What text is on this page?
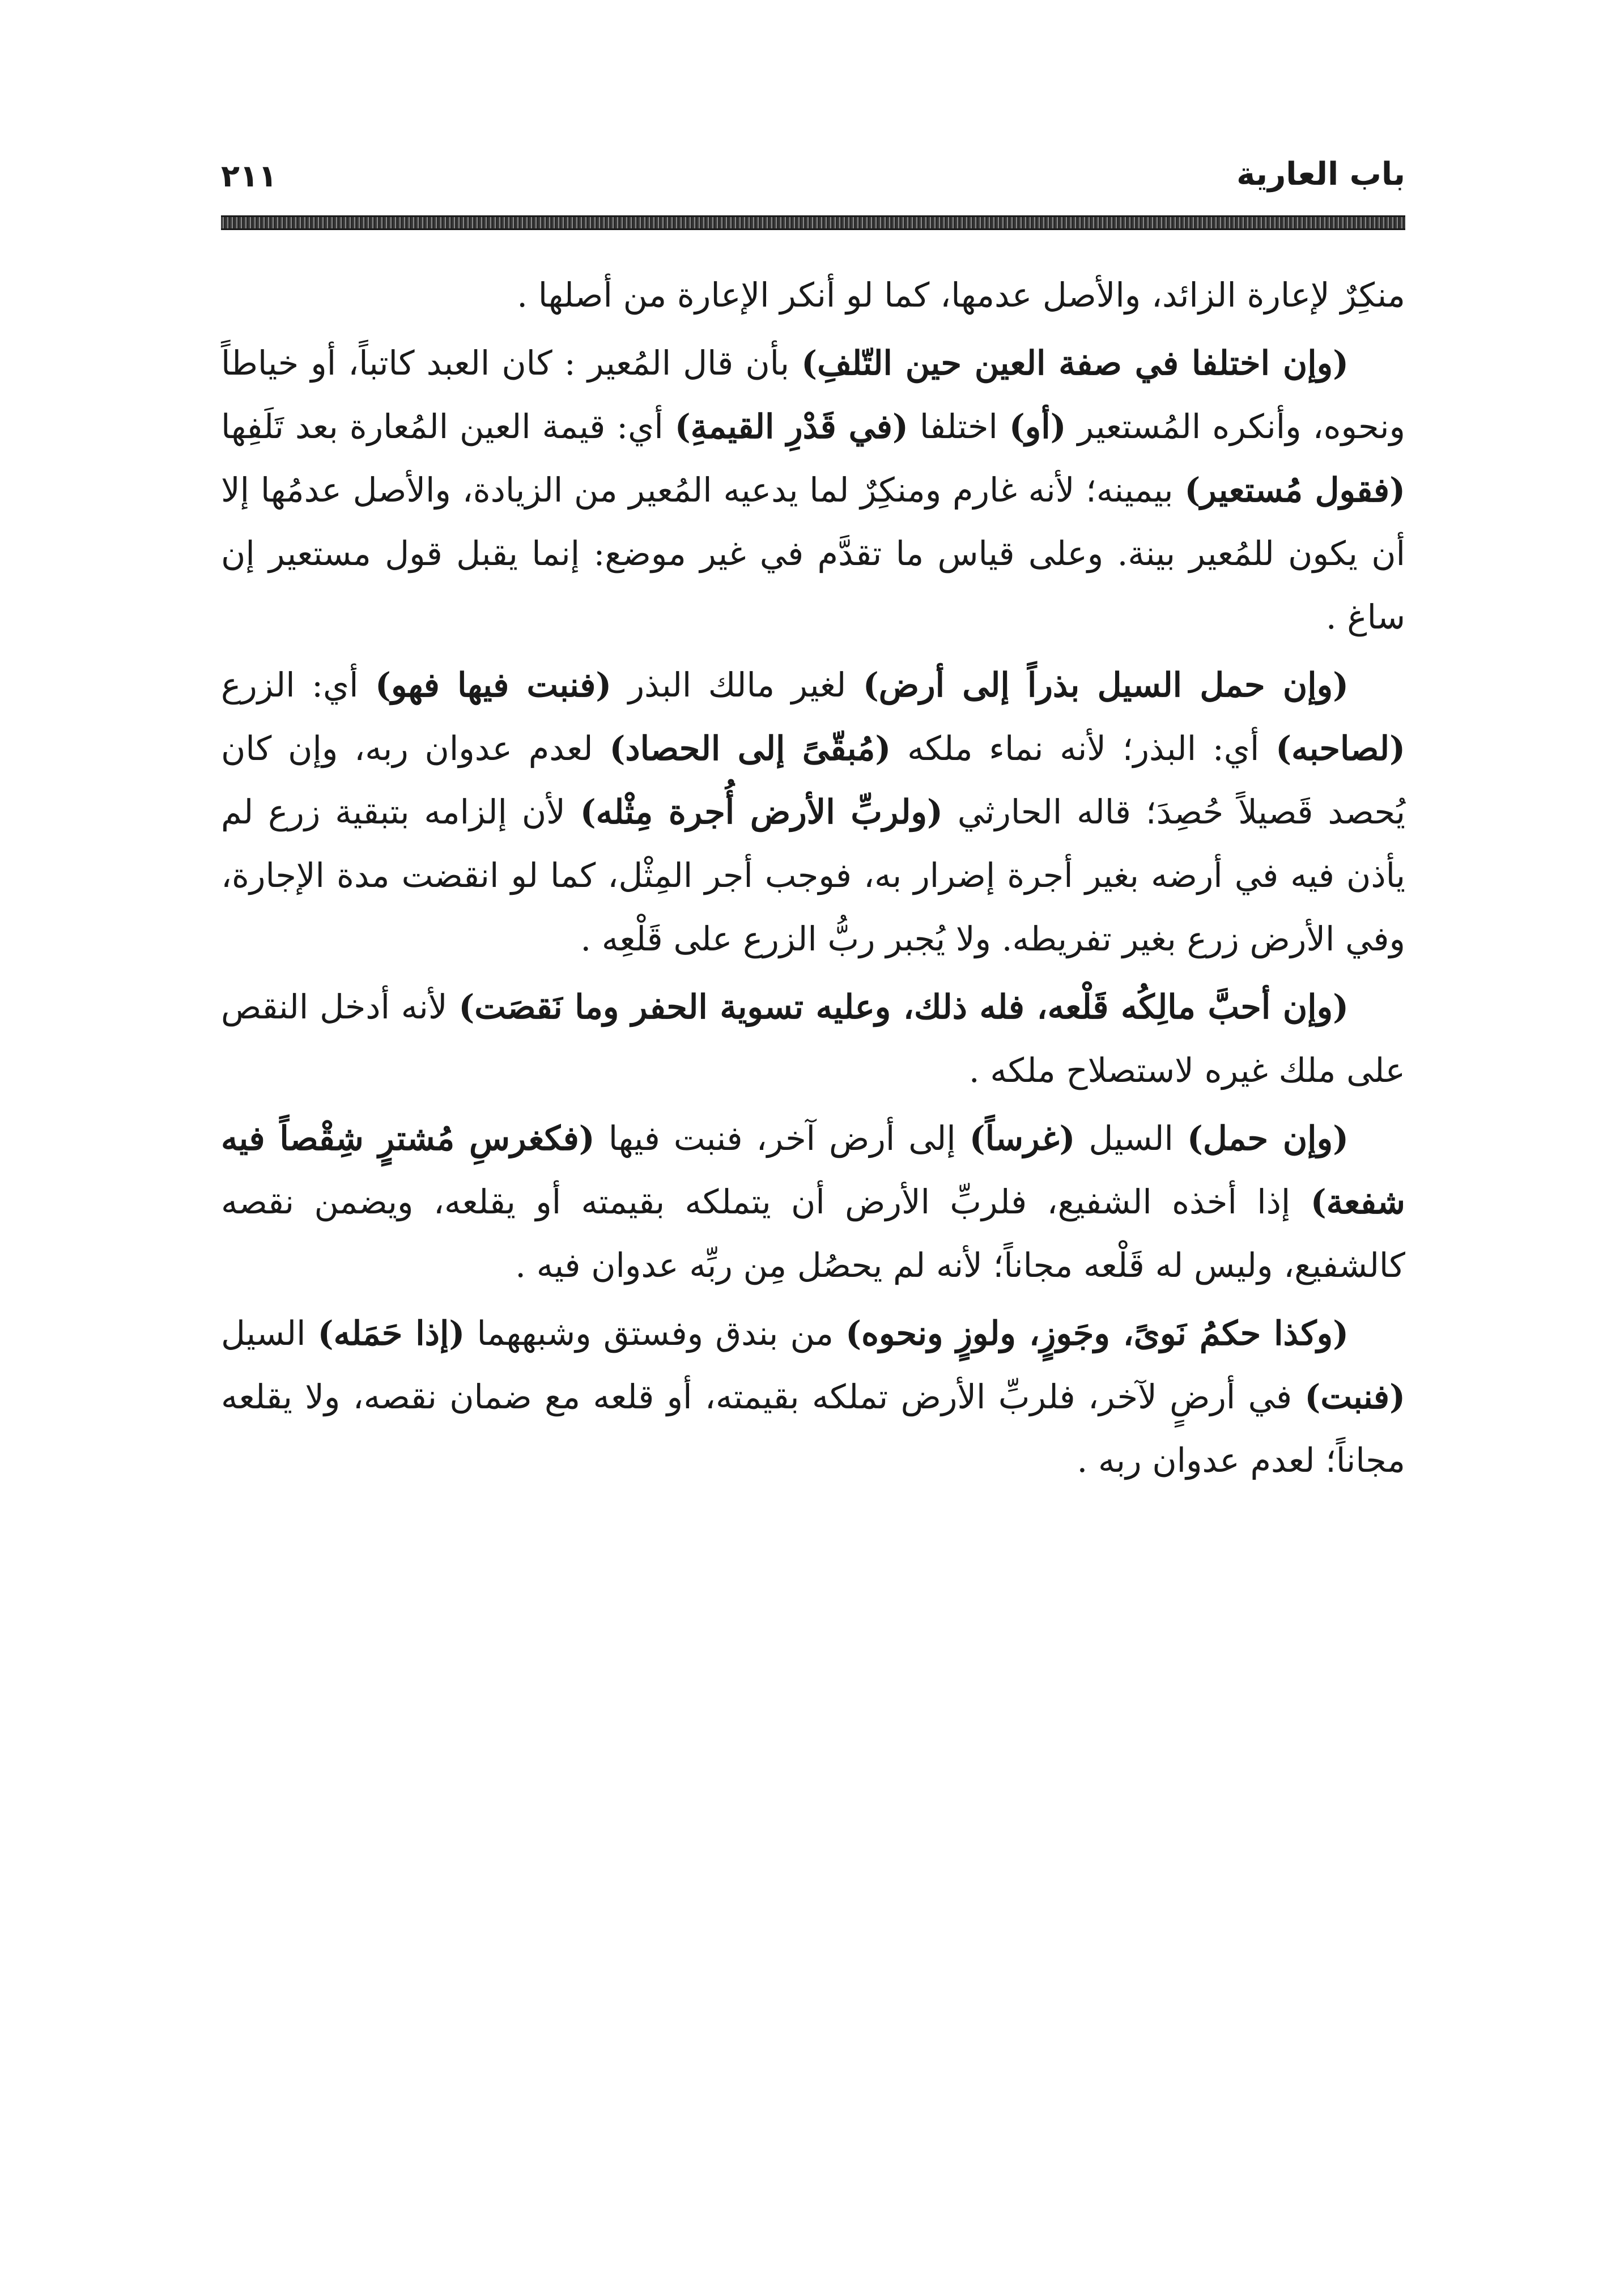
باب العارية
٢١١

منكِرٌ لإعارة الزائد، والأصل عدمها، كما لو أنكر الإعارة من أصلها .

(وإن اختلفا في صفة العين حين التّلفِ) بأن قال المُعير : كان العبد كاتباً، أو خياطاً ونحوه، وأنكره المُستعير (أو) اختلفا (في قَدْرِ القيمةِ) أي: قيمة العين المُعارة بعد تَلَفِها (فقول مُستعير) بيمينه؛ لأنه غارم ومنكِرٌ لما يدعيه المُعير من الزيادة، والأصل عدمُها إلا أن يكون للمُعير بينة. وعلى قياس ما تقدَّم في غير موضع: إنما يقبل قول مستعير إن ساغ .

(وإن حمل السيل بذراً إلى أرض) لغير مالك البذر (فنبت فيها فهو) أي: الزرع (لصاحبه) أي: البذر؛ لأنه نماء ملكه (مُبقّىً إلى الحصاد) لعدم عدوان ربه، وإن كان يُحصد قَصيلاً حُصِدَ؛ قاله الحارثي (ولربِّ الأرض أُجرة مِثْله) لأن إلزامه بتبقية زرع لم يأذن فيه في أرضه بغير أجرة إضرار به، فوجب أجر المِثْل، كما لو انقضت مدة الإجارة، وفي الأرض زرع بغير تفريطه. ولا يُجبر ربُّ الزرع على قَلْعِه .

(وإن أحبَّ مالِكُه قَلْعه، فله ذلك، وعليه تسوية الحفر وما نَقصَت) لأنه أدخل النقص على ملك غيره لاستصلاح ملكه .

(وإن حمل) السيل (غرساً) إلى أرض آخر، فنبت فيها (فكغرسِ مُشترٍ شِقْصاً فيه شفعة) إذا أخذه الشفيع، فلربِّ الأرض أن يتملكه بقيمته أو يقلعه، ويضمن نقصه كالشفيع، وليس له قَلْعه مجاناً؛ لأنه لم يحصُل مِن ربِّه عدوان فيه .

(وكذا حكمُ نَوىً، وجَوزٍ، ولوزٍ ونحوه) من بندق وفستق وشبههما (إذا حَمَله) السيل (فنبت) في أرضٍ لآخر، فلربِّ الأرض تملكه بقيمته، أو قلعه مع ضمان نقصه، ولا يقلعه مجاناً؛ لعدم عدوان ربه .
